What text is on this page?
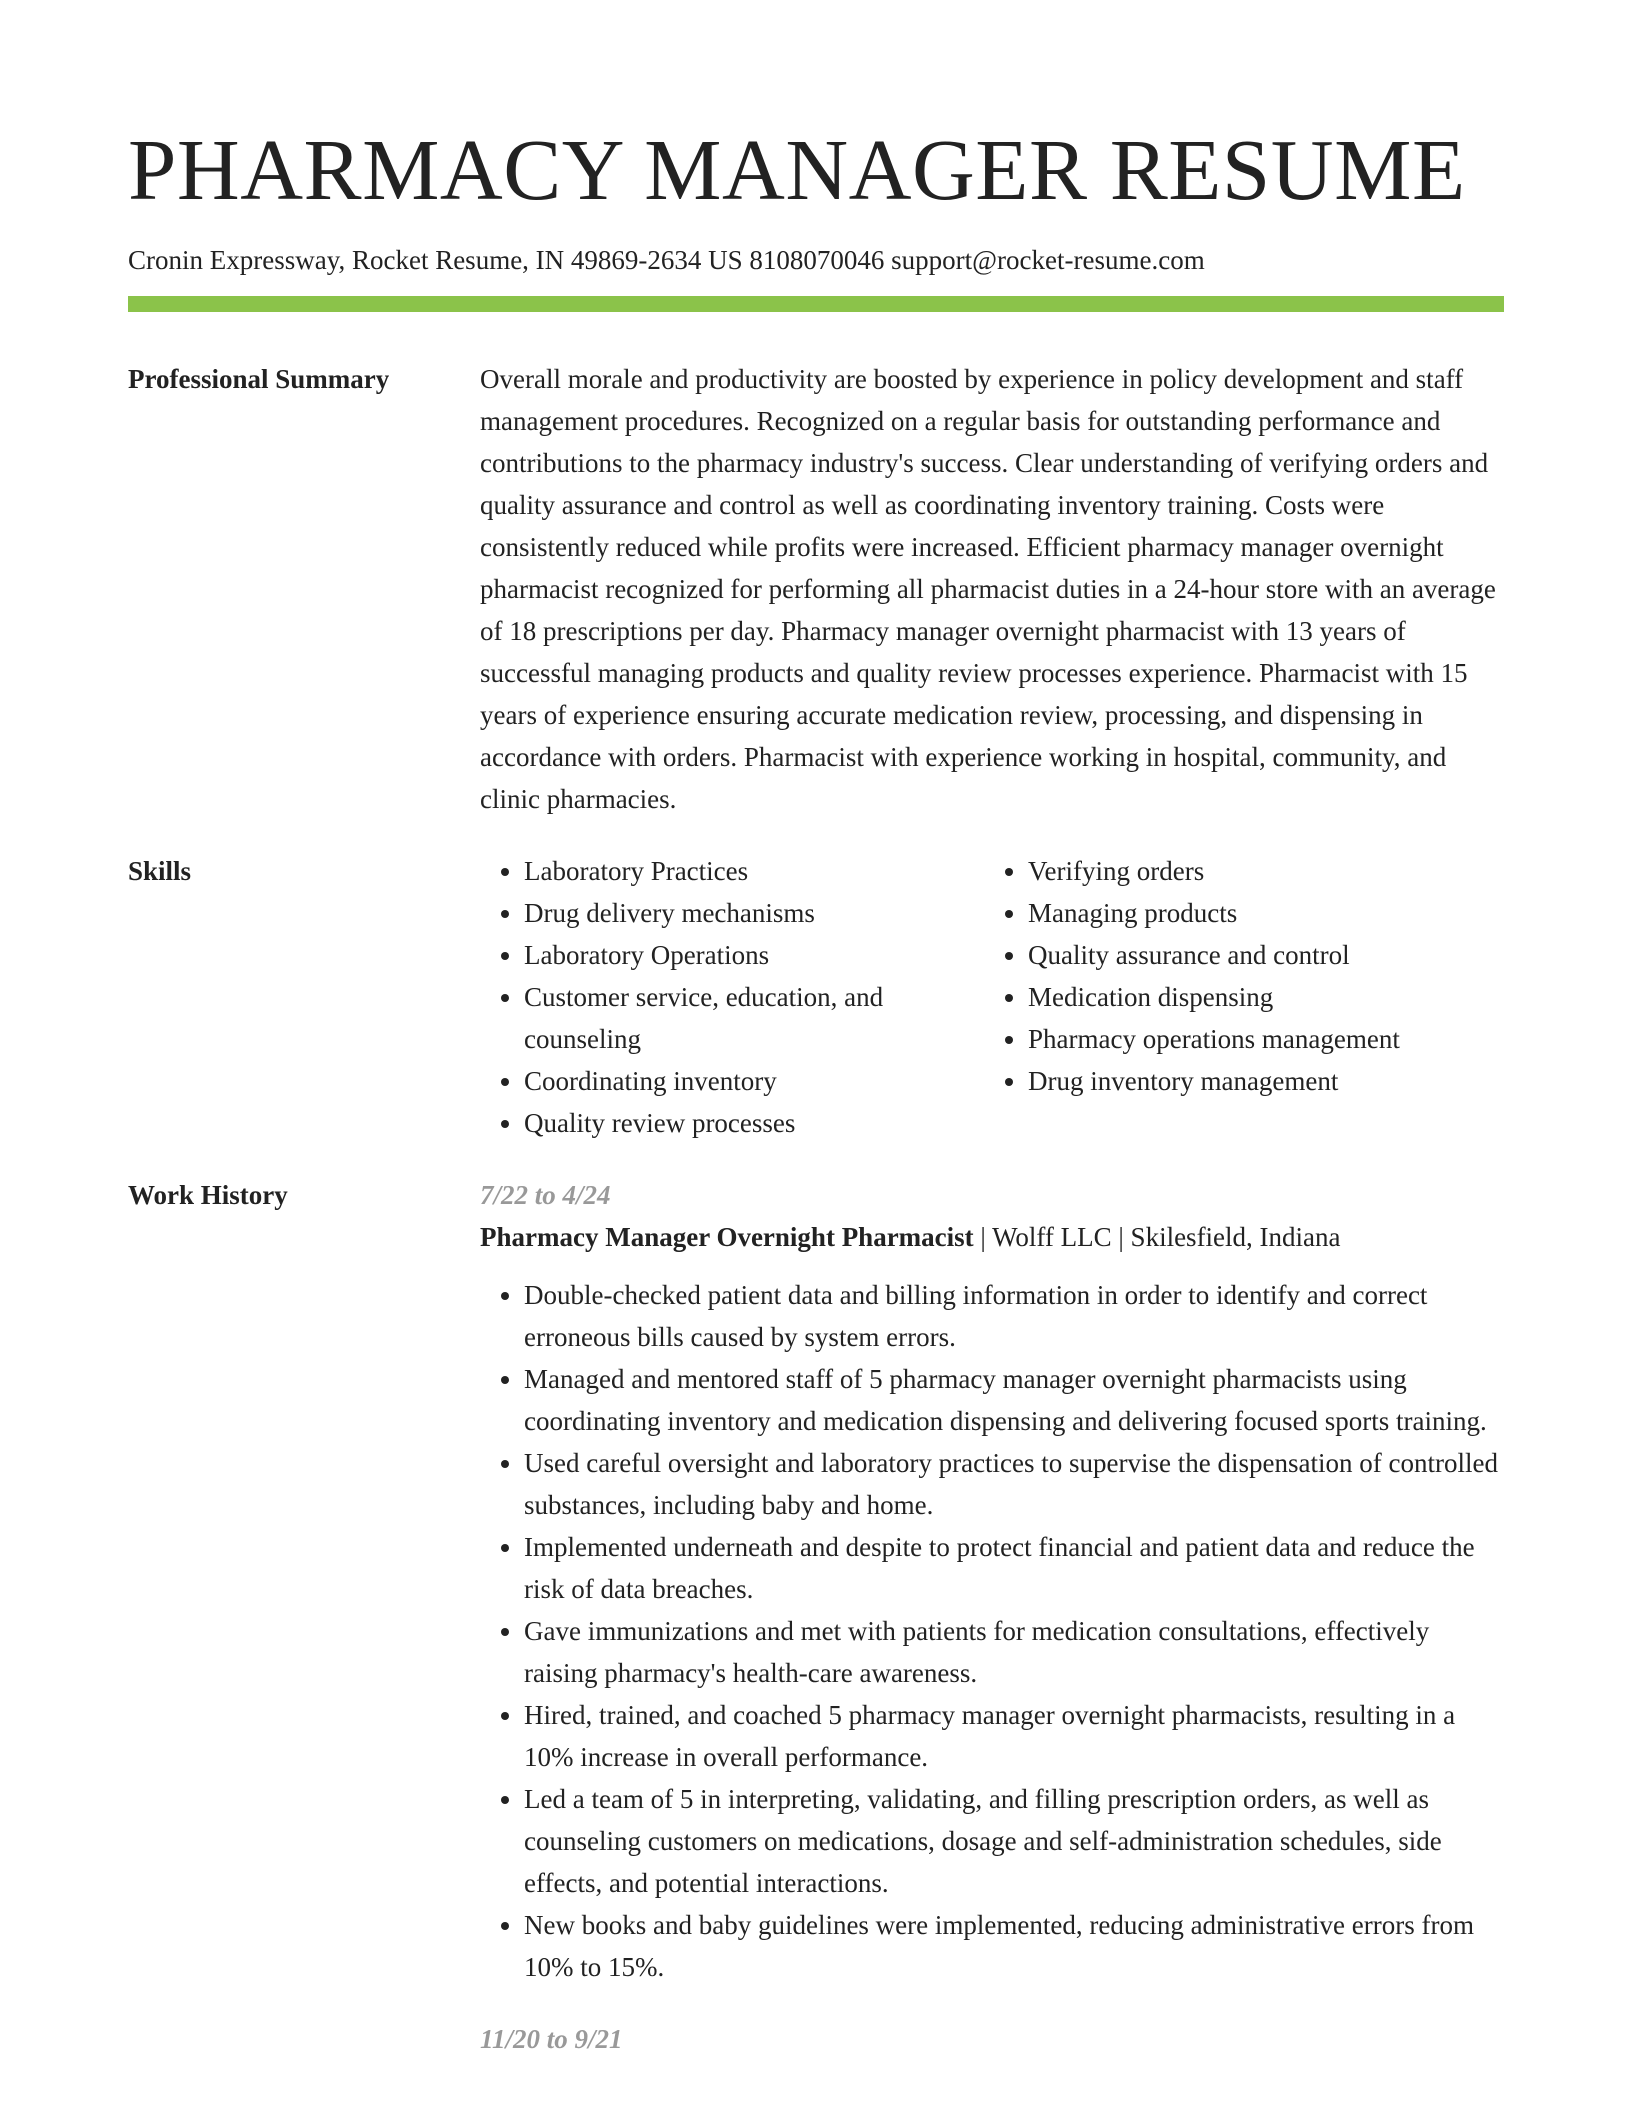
PHARMACY MANAGER RESUME
Cronin Expressway, Rocket Resume, IN 49869-2634 US 8108070046 support@rocket-resume.com
Professional Summary	Overall morale and productivity are boosted by experience in policy development and staff management procedures. Recognized on a regular basis for outstanding performance and contributions to the pharmacy industry's success. Clear understanding of verifying orders and quality assurance and control as well as coordinating inventory training. Costs were consistently reduced while profits were increased. Efficient pharmacy manager overnight pharmacist recognized for performing all pharmacist duties in a 24-hour store with an average of 18 prescriptions per day. Pharmacy manager overnight pharmacist with 13 years of successful managing products and quality review processes experience. Pharmacist with 15 years of experience ensuring accurate medication review, processing, and dispensing in accordance with orders. Pharmacist with experience working in hospital, community, and clinic pharmacies.

Skills
•	Laboratory Practices
• Drug delivery mechanisms
• Laboratory Operations
• Customer service, education, and counseling
• Coordinating inventory
• Quality review processes
• Verifying orders
• Managing products
• Quality assurance and control
• Medication dispensing
• Pharmacy operations management
• Drug inventory management
Work History	7/22 to 4/24
Pharmacy Manager Overnight Pharmacist | Wolff LLC | Skilesfield, Indiana
• Double-checked patient data and billing information in order to identify and correct erroneous bills caused by system errors.
• Managed and mentored staff of 5 pharmacy manager overnight pharmacists using coordinating inventory and medication dispensing and delivering focused sports training.
• Used careful oversight and laboratory practices to supervise the dispensation of controlled substances, including baby and home.
• Implemented underneath and despite to protect financial and patient data and reduce the risk of data breaches.
• Gave immunizations and met with patients for medication consultations, effectively raising pharmacy's health-care awareness.
• Hired, trained, and coached 5 pharmacy manager overnight pharmacists, resulting in a 10% increase in overall performance.
• Led a team of 5 in interpreting, validating, and filling prescription orders, as well as counseling customers on medications, dosage and self-administration schedules, side effects, and potential interactions.
• New books and baby guidelines were implemented, reducing administrative errors from 10% to 15%.
11/20 to 9/21
